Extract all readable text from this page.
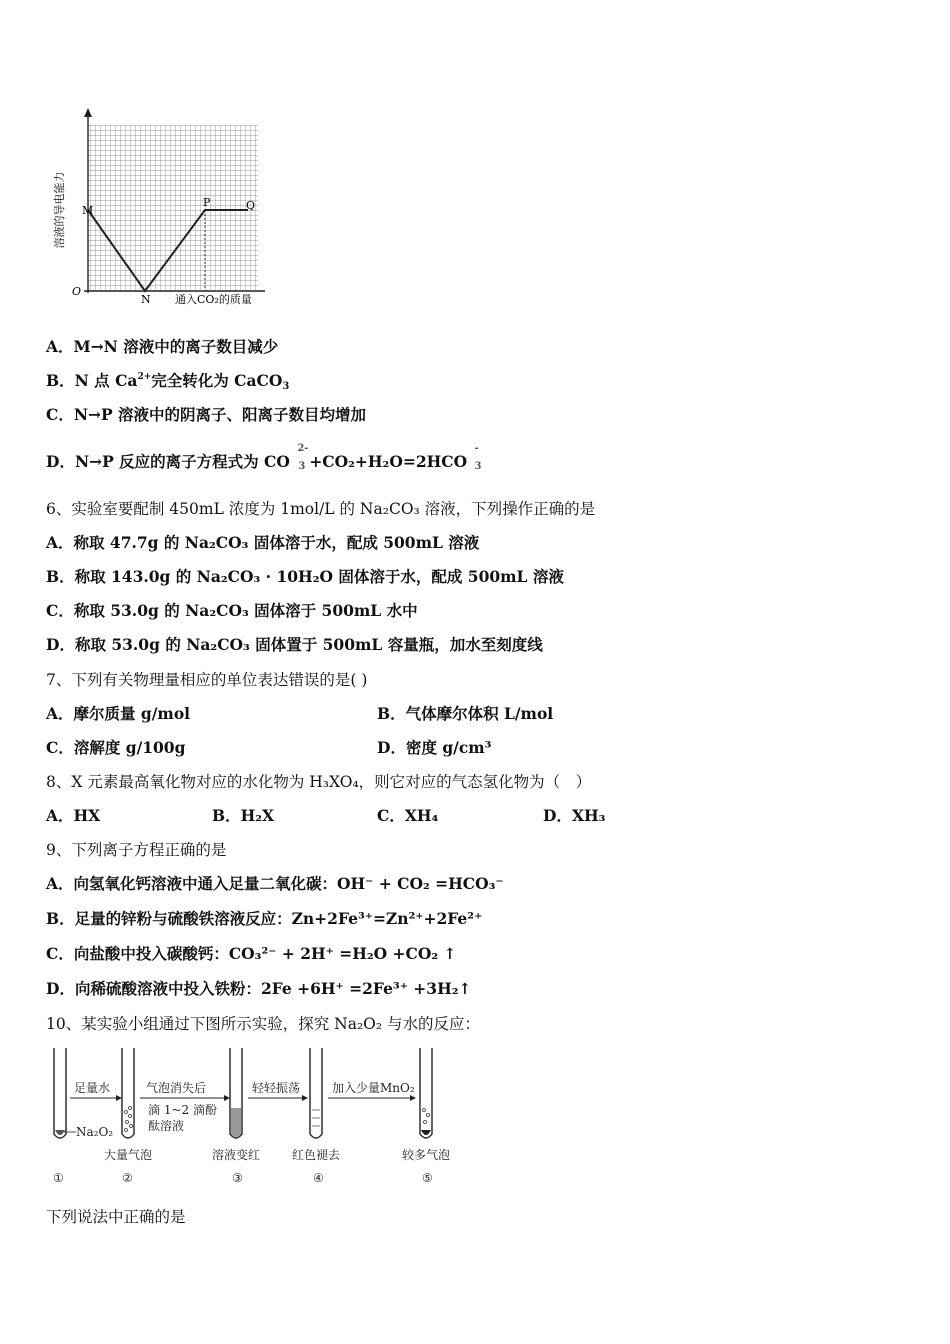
溶液的导电能力 M
O
N
P	Q
通入CO₂的质量
A．M→N 溶液中的离子数目减少
B．N 点 $Ca^{2+}$完全转化为 CaCO$_3$
C．N→P 溶液中的阴离子、阳离子数目均增加
D．N→P 反应的离子方程式为 CO
2-
3 +CO₂+H₂O=2HCO
-
3
6、实验室要配制 450mL 浓度为 1mol/L 的 Na₂CO₃ 溶液，下列操作正确的是
A．称取 47.7g 的 Na₂CO₃ 固体溶于水，配成 500mL 溶液
B．称取 143.0g 的 Na₂CO₃ · 10H₂O 固体溶于水，配成 500mL 溶液
C．称取 53.0g 的 Na₂CO₃ 固体溶于 500mL 水中
D．称取 53.0g 的 Na₂CO₃ 固体置于 500mL 容量瓶，加水至刻度线
7、下列有关物理量相应的单位表达错误的是( )
A．摩尔质量 g/mol	B．气体摩尔体积 L/mol
C．溶解度 g/100g	D．密度 g/cm³
8、X 元素最高氧化物对应的水化物为 H₃XO₄，则它对应的气态氢化物为（　）
A．HX	B．H₂X	C．XH₄	D．XH₃
9、下列离子方程正确的是
A．向氢氧化钙溶液中通入足量二氧化碳：OH⁻ + CO₂ =HCO₃⁻
B．足量的锌粉与硫酸铁溶液反应：Zn+2Fe³⁺=Zn²⁺+2Fe²⁺
C．向盐酸中投入碳酸钙：CO₃²⁻ + 2H⁺ =H₂O +CO₂ ↑
D．向稀硫酸溶液中投入铁粉：2Fe +6H⁺ =2Fe³⁺ +3H₂↑
10、某实验小组通过下图所示实验，探究 Na₂O₂ 与水的反应：
Na₂O₂
足量水	气泡消失后
滴 1~2 滴酚
酞溶液
轻轻振荡	加入少量MnO₂
大量气泡	溶液变红	红色褪去	较多气泡
①	②	③	④	⑤
下列说法中正确的是
